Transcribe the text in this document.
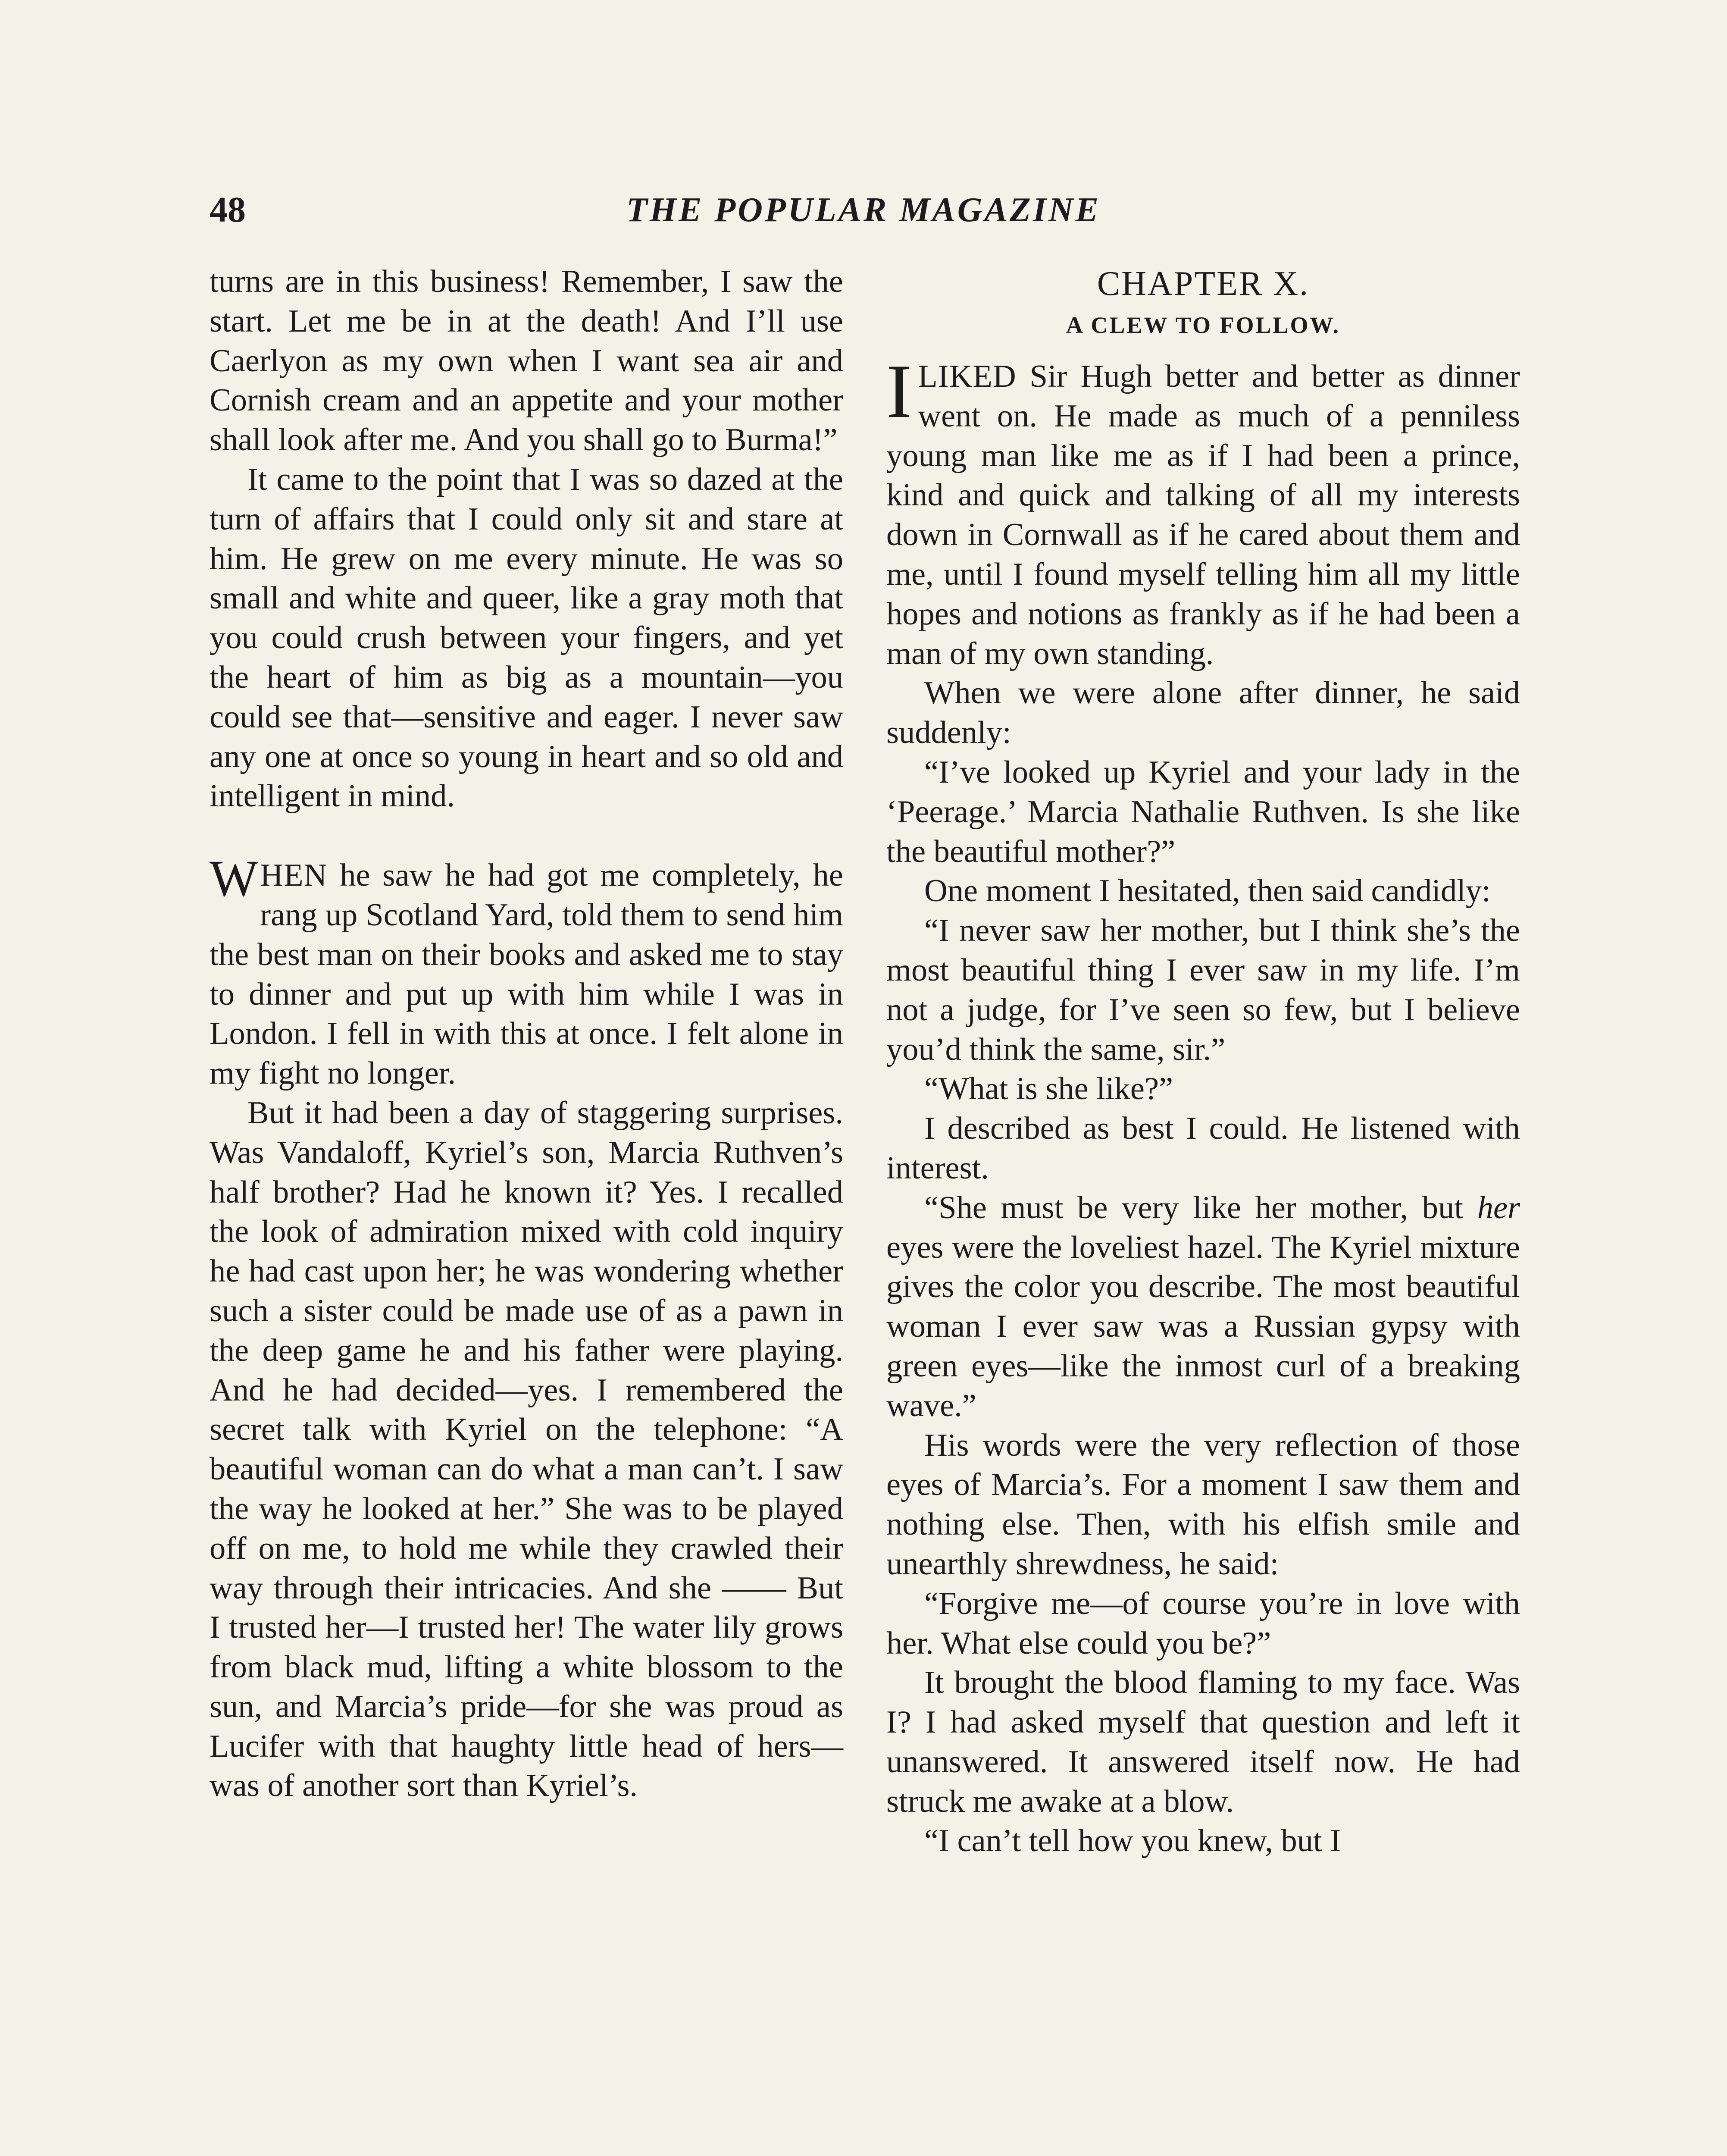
48	THE POPULAR MAGAZINE

turns are in this business! Remember, I saw the start. Let me be in at the death! And I’ll use Caerlyon as my own when I want sea air and Cornish cream and an appetite and your mother shall look after me. And you shall go to Burma!”

It came to the point that I was so dazed at the turn of affairs that I could only sit and stare at him. He grew on me every minute. He was so small and white and queer, like a gray moth that you could crush between your fingers, and yet the heart of him as big as a mountain—you could see that—sensitive and eager. I never saw any one at once so young in heart and so old and intelligent in mind.

WHEN he saw he had got me completely, he rang up Scotland Yard, told them to send him the best man on their books and asked me to stay to dinner and put up with him while I was in London. I fell in with this at once. I felt alone in my fight no longer.

But it had been a day of staggering surprises. Was Vandaloff, Kyriel’s son, Marcia Ruthven’s half brother? Had he known it? Yes. I recalled the look of admiration mixed with cold inquiry he had cast upon her; he was wondering whether such a sister could be made use of as a pawn in the deep game he and his father were playing. And he had decided—yes. I remembered the secret talk with Kyriel on the telephone: “A beautiful woman can do what a man can’t. I saw the way he looked at her.” She was to be played off on me, to hold me while they crawled their way through their intricacies. And she —— But I trusted her—I trusted her! The water lily grows from black mud, lifting a white blossom to the sun, and Marcia’s pride—for she was proud as Lucifer with that haughty little head of hers—was of another sort than Kyriel’s.

CHAPTER X.
A CLEW TO FOLLOW.

I LIKED Sir Hugh better and better as dinner went on. He made as much of a penniless young man like me as if I had been a prince, kind and quick and talking of all my interests down in Cornwall as if he cared about them and me, until I found myself telling him all my little hopes and notions as frankly as if he had been a man of my own standing.

When we were alone after dinner, he said suddenly:

“I’ve looked up Kyriel and your lady in the ‘Peerage.’ Marcia Nathalie Ruthven. Is she like the beautiful mother?”

One moment I hesitated, then said candidly:

“I never saw her mother, but I think she’s the most beautiful thing I ever saw in my life. I’m not a judge, for I’ve seen so few, but I believe you’d think the same, sir.”

“What is she like?”

I described as best I could. He listened with interest.

“She must be very like her mother, but her eyes were the loveliest hazel. The Kyriel mixture gives the color you describe. The most beautiful woman I ever saw was a Russian gypsy with green eyes—like the inmost curl of a breaking wave.”

His words were the very reflection of those eyes of Marcia’s. For a moment I saw them and nothing else. Then, with his elfish smile and unearthly shrewdness, he said:

“Forgive me—of course you’re in love with her. What else could you be?”

It brought the blood flaming to my face. Was I? I had asked myself that question and left it unanswered. It answered itself now. He had struck me awake at a blow.

“I can’t tell how you knew, but I
